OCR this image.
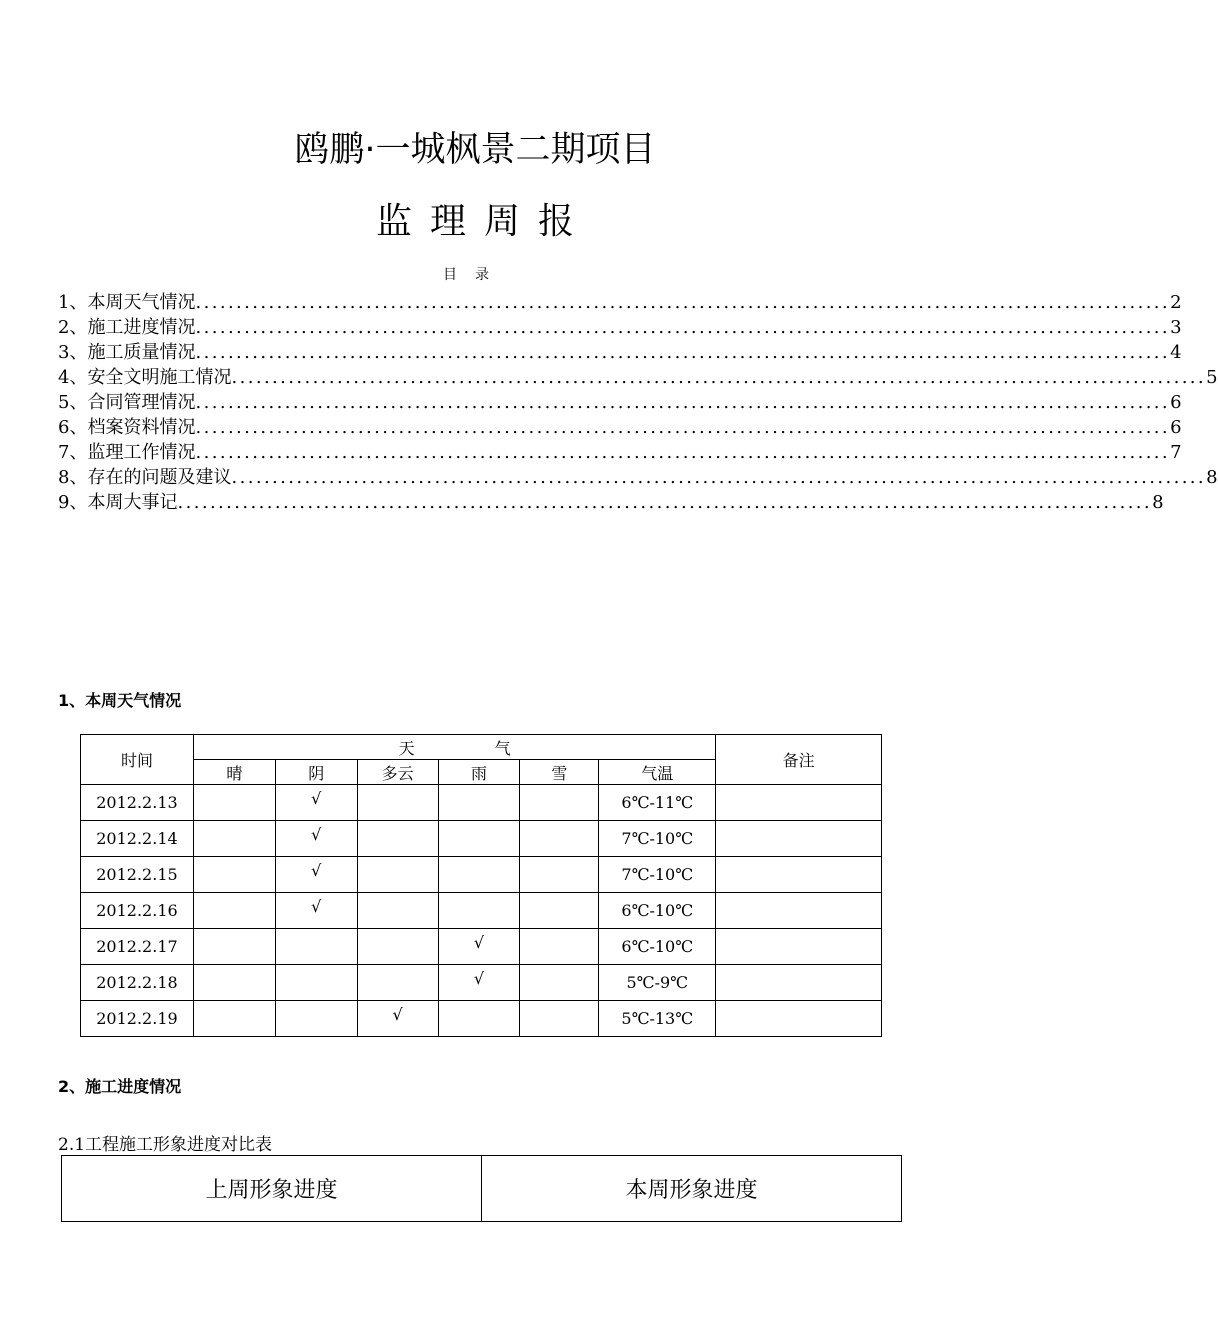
鸥鹏·一城枫景二期项目
监理周报
目录
1、本周天气情况 ........................................................................................................................ 2
2、施工进度情况 ........................................................................................................................ 3
3、施工质量情况 ........................................................................................................................ 4
4、安全文明施工情况 ........................................................................................................................ 5
5、合同管理情况 ........................................................................................................................ 6
6、档案资料情况 ........................................................................................................................ 6
7、监理工作情况 ........................................................................................................................ 7
8、存在的问题及建议 ........................................................................................................................ 8
9、本周大事记 ........................................................................................................................ 8
1、本周天气情况
时间	天　　　　　气						备注
	晴	阴	多云	雨	雪	气温	
2012.2.13		√				6℃-11℃	
2012.2.14		√				7℃-10℃	
2012.2.15		√				7℃-10℃	
2012.2.16		√				6℃-10℃	
2012.2.17				√		6℃-10℃	
2012.2.18				√		5℃-9℃	
2012.2.19			√			5℃-13℃	
2、施工进度情况
2.1工程施工形象进度对比表
上周形象进度	本周形象进度
